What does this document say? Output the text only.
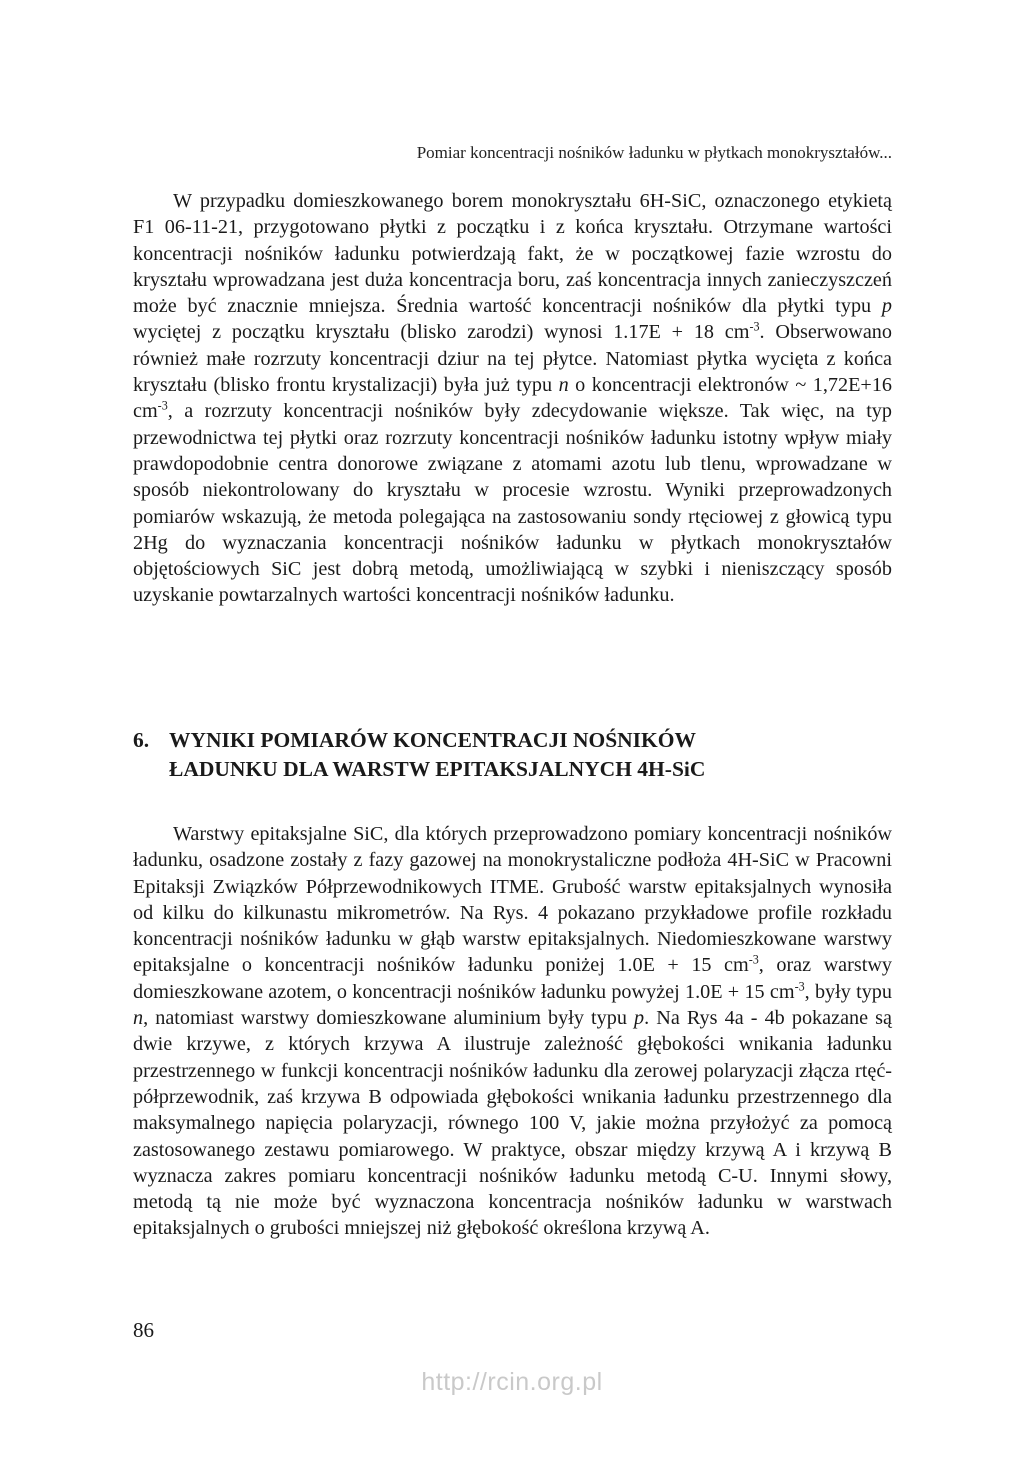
Pomiar koncentracji nośników ładunku w płytkach monokryształów...

W przypadku domieszkowanego borem monokryształu 6H-SiC, oznaczonego etykietą F1 06-11-21, przygotowano płytki z początku i z końca kryształu. Otrzymane wartości koncentracji nośników ładunku potwierdzają fakt, że w początkowej fazie wzrostu do kryształu wprowadzana jest duża koncentracja boru, zaś koncentracja innych zanieczyszczeń może być znacznie mniejsza. Średnia wartość koncentracji nośników dla płytki typu p wyciętej z początku kryształu (blisko zarodzi) wynosi 1.17E + 18 $cm^{-3}$. Obserwowano również małe rozrzuty koncentracji dziur na tej płytce. Natomiast płytka wycięta z końca kryształu (blisko frontu krystalizacji) była już typu n o koncentracji elektronów ~ 1,72E+16 $cm^{-3}$, a rozrzuty koncentracji nośników były zdecydowanie większe. Tak więc, na typ przewodnictwa tej płytki oraz rozrzuty koncentracji nośników ładunku istotny wpływ miały prawdopodobnie centra donorowe związane z atomami azotu lub tlenu, wprowadzane w sposób niekontrolowany do kryształu w procesie wzrostu. Wyniki przeprowadzonych pomiarów wskazują, że metoda polegająca na zastosowaniu sondy rtęciowej z głowicą typu 2Hg do wyznaczania koncentracji nośników ładunku w płytkach monokryształów objętościowych SiC jest dobrą metodą, umożliwiającą w szybki i nieniszczący sposób uzyskanie powtarzalnych wartości koncentracji nośników ładunku.

6. WYNIKI POMIARÓW KONCENTRACJI NOŚNIKÓW
ŁADUNKU DLA WARSTW EPITAKSJALNYCH 4H-SiC

Warstwy epitaksjalne SiC, dla których przeprowadzono pomiary koncentracji nośników ładunku, osadzone zostały z fazy gazowej na monokrystaliczne podłoża 4H-SiC w Pracowni Epitaksji Związków Półprzewodnikowych ITME. Grubość warstw epitaksjalnych wynosiła od kilku do kilkunastu mikrometrów. Na Rys. 4 pokazano przykładowe profile rozkładu koncentracji nośników ładunku w głąb warstw epitaksjalnych. Niedomieszkowane warstwy epitaksjalne o koncentracji nośników ładunku poniżej 1.0E + 15 $cm^{-3}$, oraz warstwy domieszkowane azotem, o koncentracji nośników ładunku powyżej 1.0E + 15 $cm^{-3}$, były typu n, natomiast warstwy domieszkowane aluminium były typu p. Na Rys 4a - 4b pokazane są dwie krzywe, z których krzywa A ilustruje zależność głębokości wnikania ładunku przestrzennego w funkcji koncentracji nośników ładunku dla zerowej polaryzacji złącza rtęć-półprzewodnik, zaś krzywa B odpowiada głębokości wnikania ładunku przestrzennego dla maksymalnego napięcia polaryzacji, równego 100 V, jakie można przyłożyć za pomocą zastosowanego zestawu pomiarowego. W praktyce, obszar między krzywą A i krzywą B wyznacza zakres pomiaru koncentracji nośników ładunku metodą C-U. Innymi słowy, metodą tą nie może być wyznaczona koncentracja nośników ładunku w warstwach epitaksjalnych o grubości mniejszej niż głębokość określona krzywą A.

86
http://rcin.org.pl
